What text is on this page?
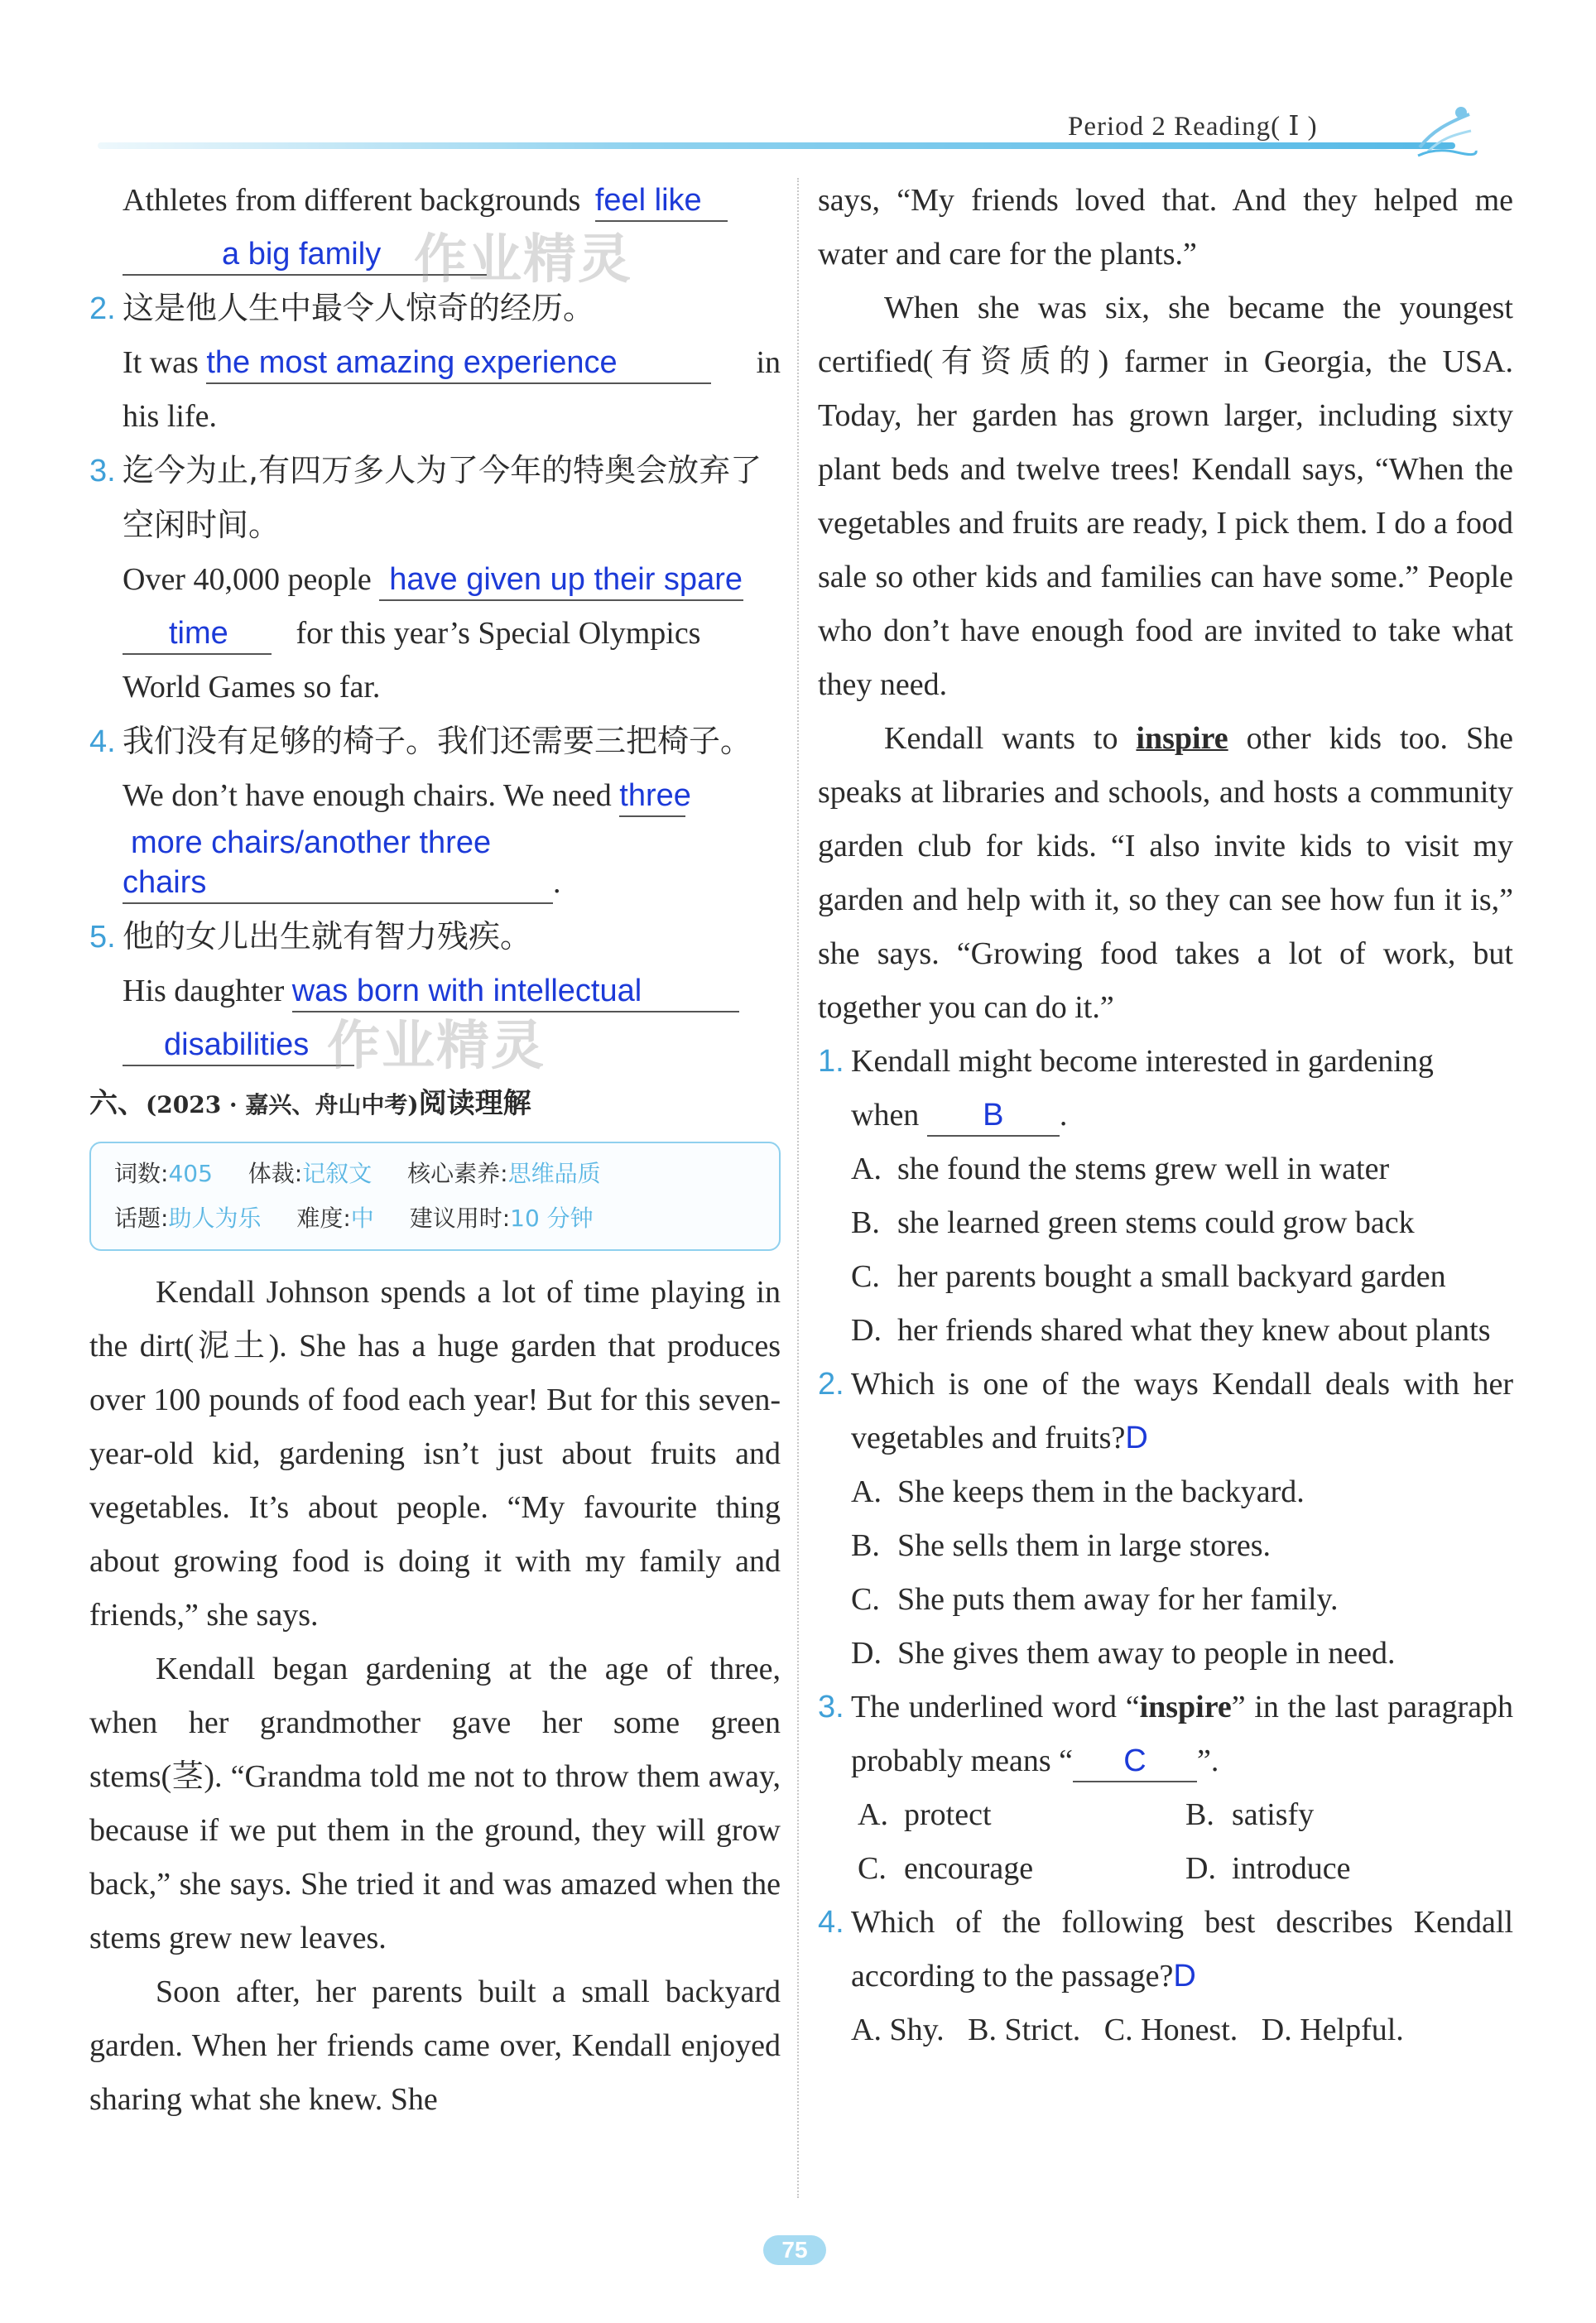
Period 2 Reading( Ⅰ )
Athletes from different backgrounds feel like
a big family
2. 这是他人生中最令人惊奇的经历。
It was the most amazing experience	in
his life.
3. 迄今为止,有四万多人为了今年的特奥会放弃了空闲时间。
Over 40,000 people have given up their spare
time for this year’s Special Olympics
World Games so far.
4. 我们没有足够的椅子。我们还需要三把椅子。
We don’t have enough chairs. We need three
more chairs/another three chairs	.
5. 他的女儿出生就有智力残疾。
His daughter was born with intellectual
disabilities
六、(2023 · 嘉兴、舟山中考)阅读理解
词数:405 体裁:记叙文 核心素养:思维品质
话题:助人为乐 难度:中 建议用时:10 分钟
Kendall Johnson spends a lot of time playing in the dirt(泥土). She has a huge garden that produces over 100 pounds of food each year! But for this seven-year-old kid, gardening isn’t just about fruits and vegetables. It’s about people. “My favourite thing about growing food is doing it with my family and friends,” she says.
Kendall began gardening at the age of three, when her grandmother gave her some green stems(茎). “Grandma told me not to throw them away, because if we put them in the ground, they will grow back,” she says. She tried it and was amazed when the stems grew new leaves.
Soon after, her parents built a small backyard garden. When her friends came over, Kendall enjoyed sharing what she knew. She
says, “My friends loved that. And they helped me water and care for the plants.”
When she was six, she became the youngest certified(有资质的) farmer in Georgia, the USA. Today, her garden has grown larger, including sixty plant beds and twelve trees! Kendall says, “When the vegetables and fruits are ready, I pick them. I do a food sale so other kids and families can have some.” People who don’t have enough food are invited to take what they need.
Kendall wants to inspire other kids too. She speaks at libraries and schools, and hosts a community garden club for kids. “I also invite kids to visit my garden and help with it, so they can see how fun it is,” she says. “Growing food takes a lot of work, but together you can do it.”
1. Kendall might become interested in gardening
when B .
A. she found the stems grew well in water
B. she learned green stems could grow back
C. her parents bought a small backyard garden
D. her friends shared what they knew about plants
2. Which is one of the ways Kendall deals with her vegetables and fruits?D
A. She keeps them in the backyard.
B. She sells them in large stores.
C. She puts them away for her family.
D. She gives them away to people in need.
3. The underlined word “inspire” in the last paragraph probably means “ C ”.
A. protect	B. satisfy
C. encourage	D. introduce
4. Which of the following best describes Kendall according to the passage?D
A. Shy.   B. Strict.   C. Honest.   D. Helpful.
作业精灵
作业精灵
75
